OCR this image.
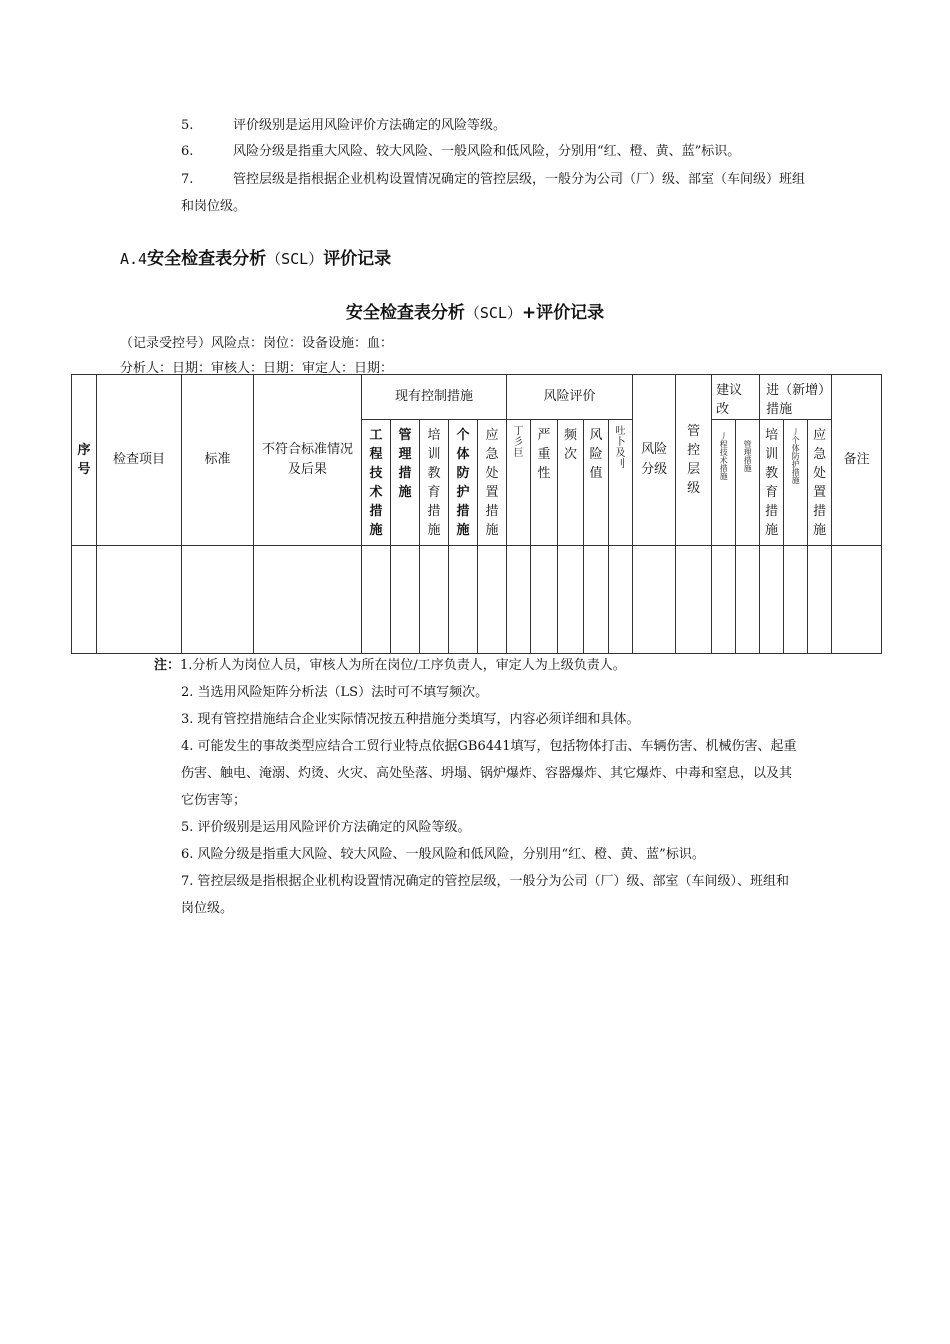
5.	评价级别是运用风险评价方法确定的风险等级。
6.	风险分级是指重大风险、较大风险、一般风险和低风险，分别用“红、橙、黄、蓝”标识。
7.	管控层级是指根据企业机构设置情况确定的管控层级，一般分为公司（厂）级、部室（车间级）班组
和岗位级。
A.4安全检查表分析（SCL）评价记录
安全检查表分析（SCL）+评价记录
（记录受控号）风险点：岗位：设备设施：血：
分析人：日期：审核人：日期：审定人：日期：
序号	检查项目	标准	不符合标准情况及后果	现有控制措施					风险评价					风险分级	管控层级	建议改		进（新增）措施			备注

				工程技术措施	管理措施	培训教育措施	个体防护措施	应急处置措施	丁彡巨	严重性	频次	风险值	吐卜及刂			丿程技术措施	管理措施	培训教育措施	丿个体防护措施	应急处置措施	

注：1.分析人为岗位人员，审核人为所在岗位/工序负责人，审定人为上级负责人。
2. 当选用风险矩阵分析法（LS）法时可不填写频次。
3. 现有管控措施结合企业实际情况按五种措施分类填写，内容必须详细和具体。
4. 可能发生的事故类型应结合工贸行业特点依据GB6441填写，包括物体打击、车辆伤害、机械伤害、起重
伤害、触电、淹溺、灼烫、火灾、高处坠落、坍塌、锅炉爆炸、容器爆炸、其它爆炸、中毒和窒息，以及其
它伤害等；
5. 评价级别是运用风险评价方法确定的风险等级。
6. 风险分级是指重大风险、较大风险、一般风险和低风险，分别用“红、橙、黄、蓝”标识。
7. 管控层级是指根据企业机构设置情况确定的管控层级，一般分为公司（厂）级、部室（车间级）、班组和
岗位级。
